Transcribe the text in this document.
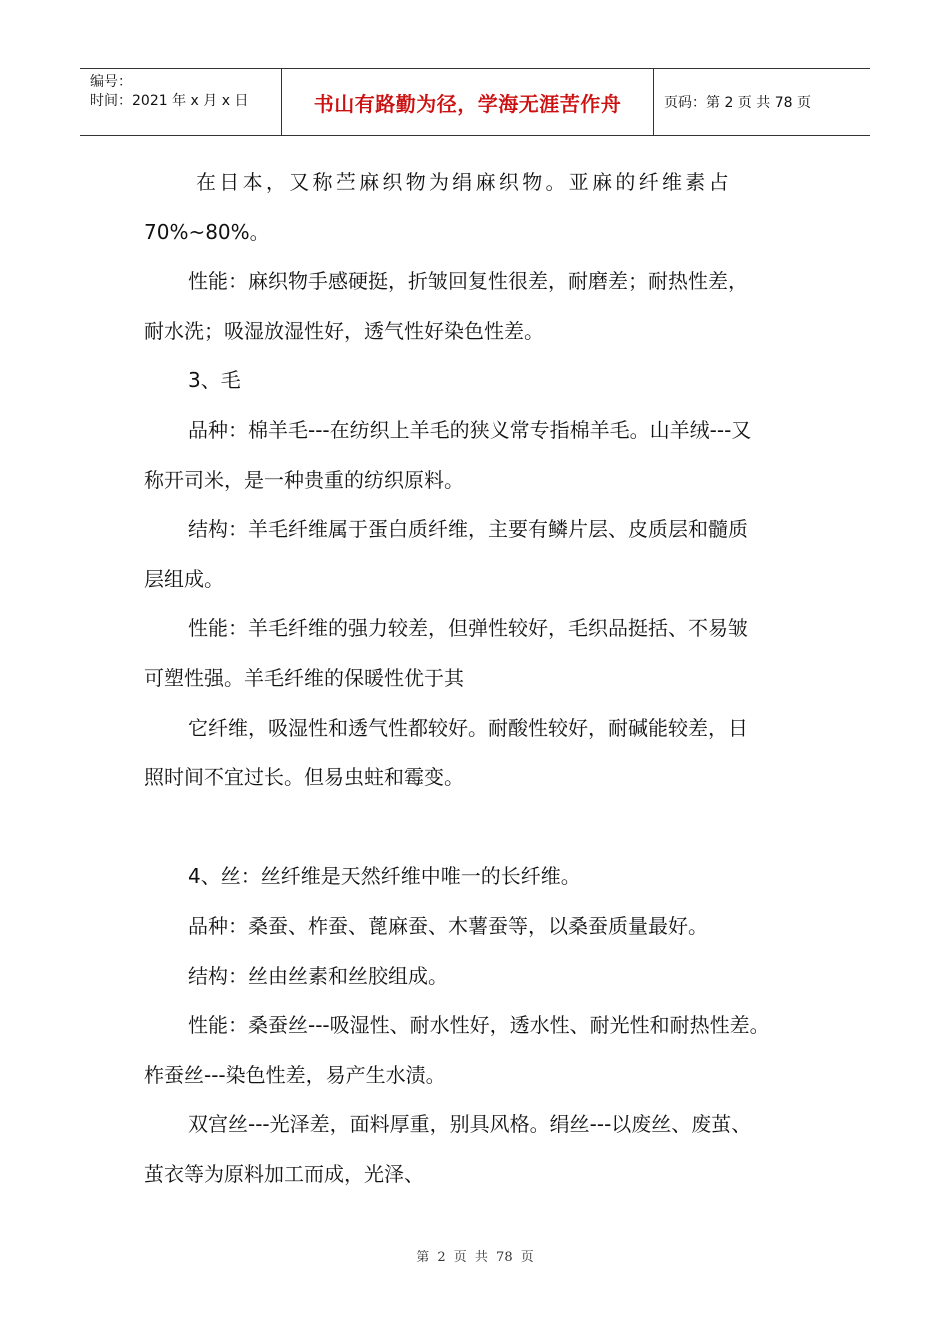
编号：
时间：2021 年 x 月 x 日	书山有路勤为径，学海无涯苦作舟	页码：第 2 页 共 78 页

在日本，又称苎麻织物为绢麻织物。亚麻的纤维素占

70%~80%。

性能：麻织物手感硬挺，折皱回复性很差，耐磨差；耐热性差，

耐水洗；吸湿放湿性好，透气性好染色性差。

3、毛

品种：棉羊毛---在纺织上羊毛的狭义常专指棉羊毛。山羊绒---又

称开司米，是一种贵重的纺织原料。

结构：羊毛纤维属于蛋白质纤维，主要有鳞片层、皮质层和髓质

层组成。

性能：羊毛纤维的强力较差，但弹性较好，毛织品挺括、不易皱

可塑性强。羊毛纤维的保暖性优于其

它纤维，吸湿性和透气性都较好。耐酸性较好，耐碱能较差，日

照时间不宜过长。但易虫蛀和霉变。

4、丝：丝纤维是天然纤维中唯一的长纤维。

品种：桑蚕、柞蚕、蓖麻蚕、木薯蚕等，以桑蚕质量最好。

结构：丝由丝素和丝胶组成。

性能：桑蚕丝---吸湿性、耐水性好，透水性、耐光性和耐热性差。

柞蚕丝---染色性差，易产生水渍。

双宫丝---光泽差，面料厚重，别具风格。绢丝---以废丝、废茧、

茧衣等为原料加工而成，光泽、

第 2 页 共 78 页
